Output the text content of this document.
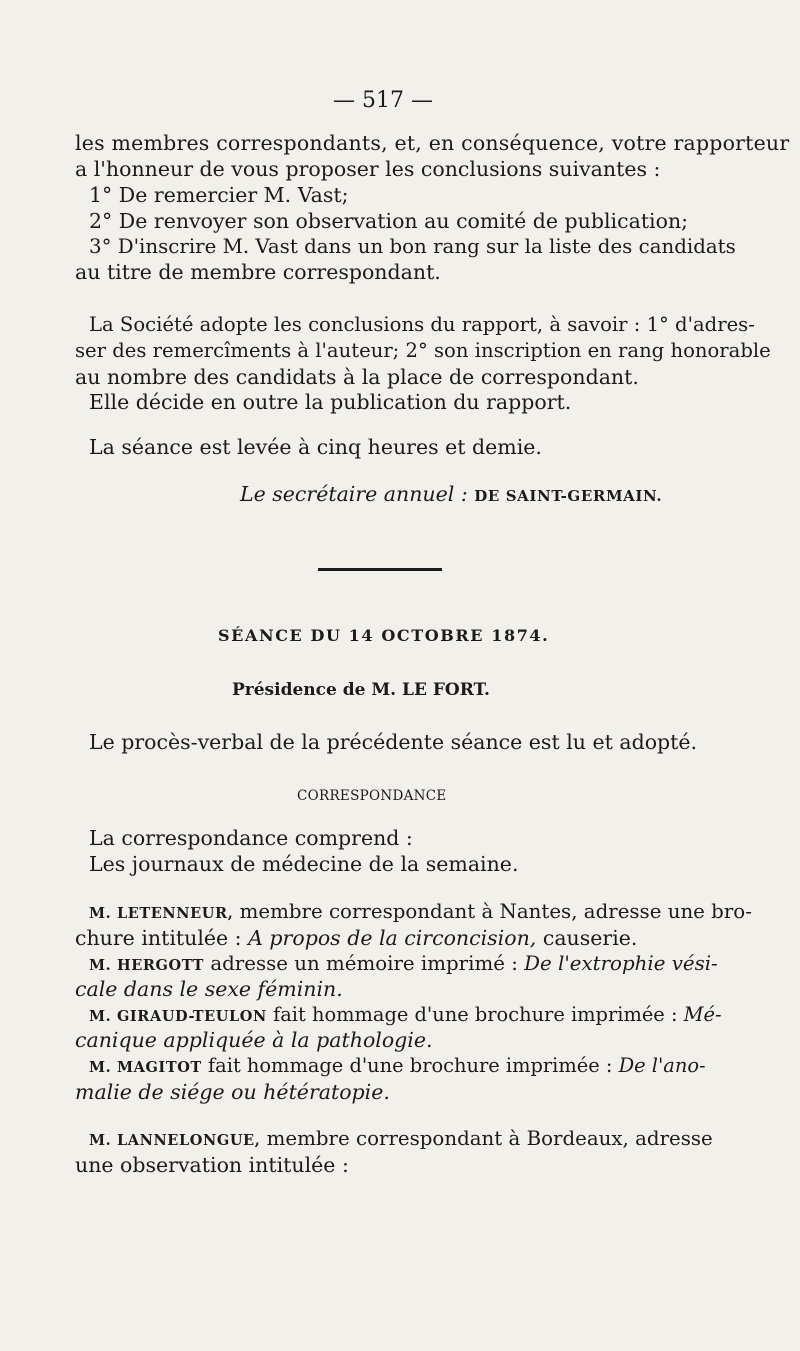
— 517 —
les membres correspondants, et, en conséquence, votre rapporteur
a l'honneur de vous proposer les conclusions suivantes :
1° De remercier M. Vast;
2° De renvoyer son observation au comité de publication;
3° D'inscrire M. Vast dans un bon rang sur la liste des candidats
au titre de membre correspondant.
La Société adopte les conclusions du rapport, à savoir : 1° d'adres-
ser des remercîments à l'auteur; 2° son inscription en rang honorable
au nombre des candidats à la place de correspondant.
Elle décide en outre la publication du rapport.
La séance est levée à cinq heures et demie.
Le secrétaire annuel : DE SAINT-GERMAIN.
SÉANCE DU 14 OCTOBRE 1874.
Présidence de M. LE FORT.
Le procès-verbal de la précédente séance est lu et adopté.
CORRESPONDANCE
La correspondance comprend :
Les journaux de médecine de la semaine.
M. LETENNEUR, membre correspondant à Nantes, adresse une bro-
chure intitulée : A propos de la circoncision, causerie.
M. HERGOTT adresse un mémoire imprimé : De l'extrophie vési-
cale dans le sexe féminin.
M. GIRAUD-TEULON fait hommage d'une brochure imprimée : Mé-
canique appliquée à la pathologie.
M. MAGITOT fait hommage d'une brochure imprimée : De l'ano-
malie de siége ou hétératopie.
M. LANNELONGUE, membre correspondant à Bordeaux, adresse
une observation intitulée :
